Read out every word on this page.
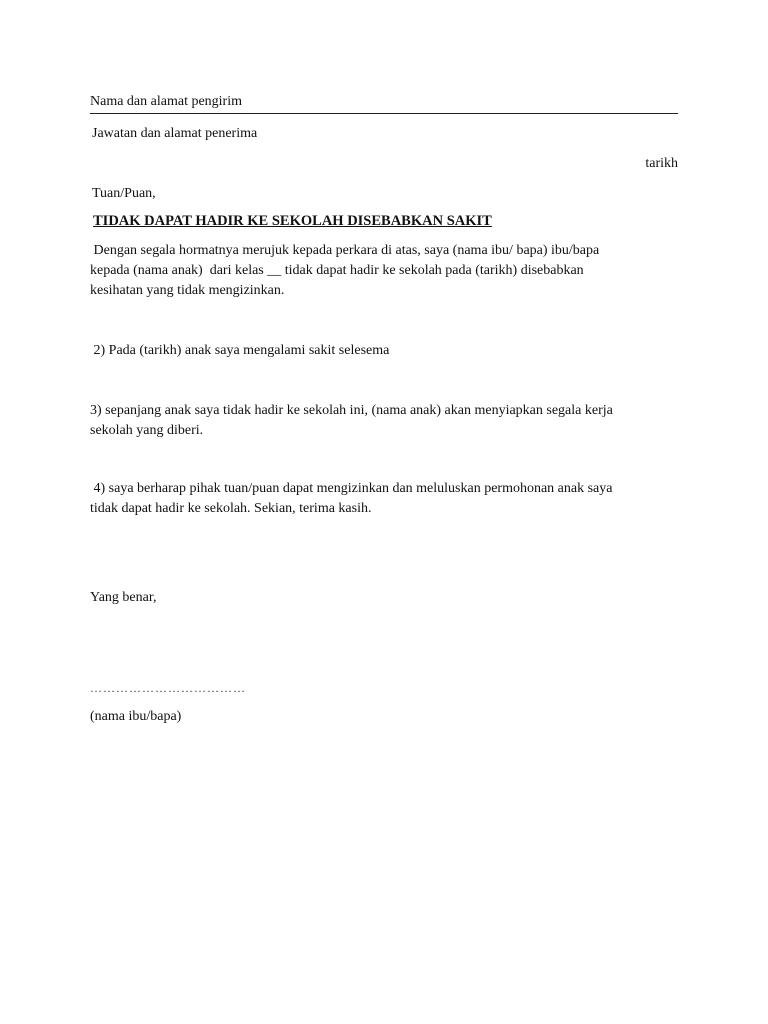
Nama dan alamat pengirim
Jawatan dan alamat penerima
tarikh
Tuan/Puan,
TIDAK DAPAT HADIR KE SEKOLAH DISEBABKAN SAKIT
Dengan segala hormatnya merujuk kepada perkara di atas, saya (nama ibu/ bapa) ibu/bapa
kepada (nama anak)  dari kelas __ tidak dapat hadir ke sekolah pada (tarikh) disebabkan
kesihatan yang tidak mengizinkan.
2) Pada (tarikh) anak saya mengalami sakit selesema
3) sepanjang anak saya tidak hadir ke sekolah ini, (nama anak) akan menyiapkan segala kerja
sekolah yang diberi.
4) saya berharap pihak tuan/puan dapat mengizinkan dan meluluskan permohonan anak saya
tidak dapat hadir ke sekolah. Sekian, terima kasih.
Yang benar,
………………………………
(nama ibu/bapa)
